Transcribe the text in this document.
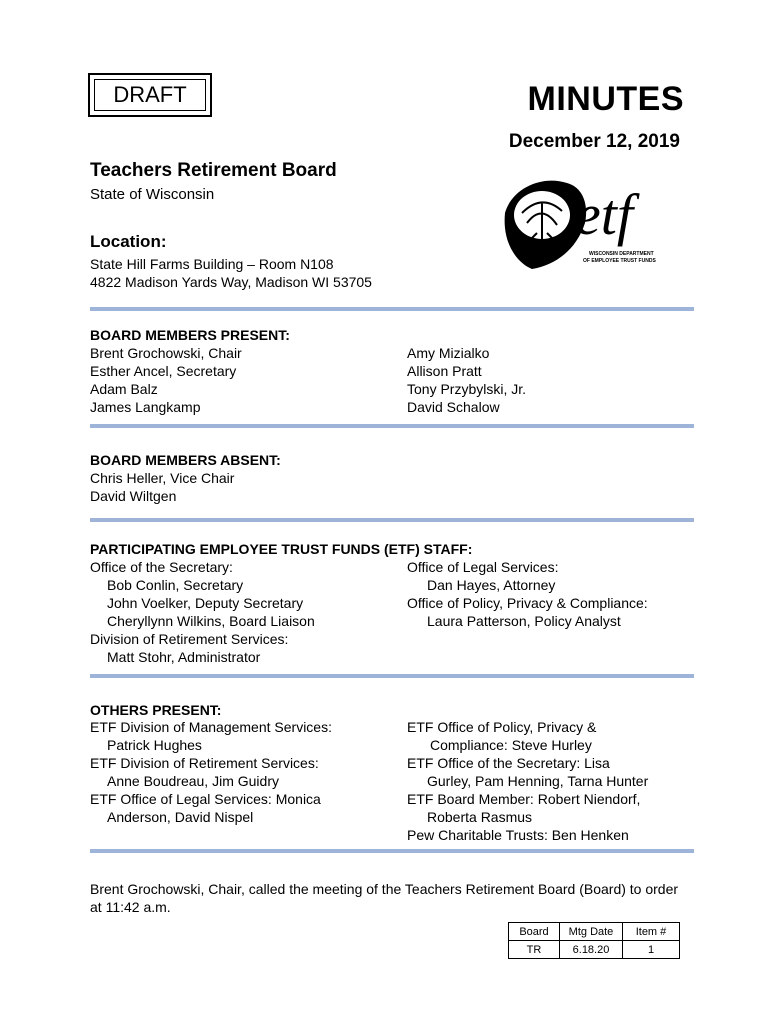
DRAFT	MINUTES
December 12, 2019
Teachers Retirement Board
State of Wisconsin
Location:
State Hill Farms Building – Room N108
4822 Madison Yards Way, Madison WI 53705
etf
WISCONSIN DEPARTMENT
OF EMPLOYEE TRUST FUNDS
BOARD MEMBERS PRESENT:
Brent Grochowski, Chair
Esther Ancel, Secretary
Adam Balz
James Langkamp
Amy Mizialko
Allison Pratt
Tony Przybylski, Jr.
David Schalow
BOARD MEMBERS ABSENT:
Chris Heller, Vice Chair
David Wiltgen
PARTICIPATING EMPLOYEE TRUST FUNDS (ETF) STAFF:
Office of the Secretary:
Bob Conlin, Secretary
John Voelker, Deputy Secretary
Cheryllynn Wilkins, Board Liaison
Division of Retirement Services:
Matt Stohr, Administrator
Office of Legal Services:
Dan Hayes, Attorney
Office of Policy, Privacy & Compliance:
Laura Patterson, Policy Analyst
OTHERS PRESENT:
ETF Division of Management Services:
Patrick Hughes
ETF Division of Retirement Services:
Anne Boudreau, Jim Guidry
ETF Office of Legal Services: Monica
Anderson, David Nispel
ETF Office of Policy, Privacy &
Compliance: Steve Hurley
ETF Office of the Secretary: Lisa
Gurley, Pam Henning, Tarna Hunter
ETF Board Member: Robert Niendorf,
Roberta Rasmus
Pew Charitable Trusts: Ben Henken
Brent Grochowski, Chair, called the meeting of the Teachers Retirement Board (Board) to order at 11:42 a.m.
Board	Mtg Date	Item #
TR	6.18.20	1
